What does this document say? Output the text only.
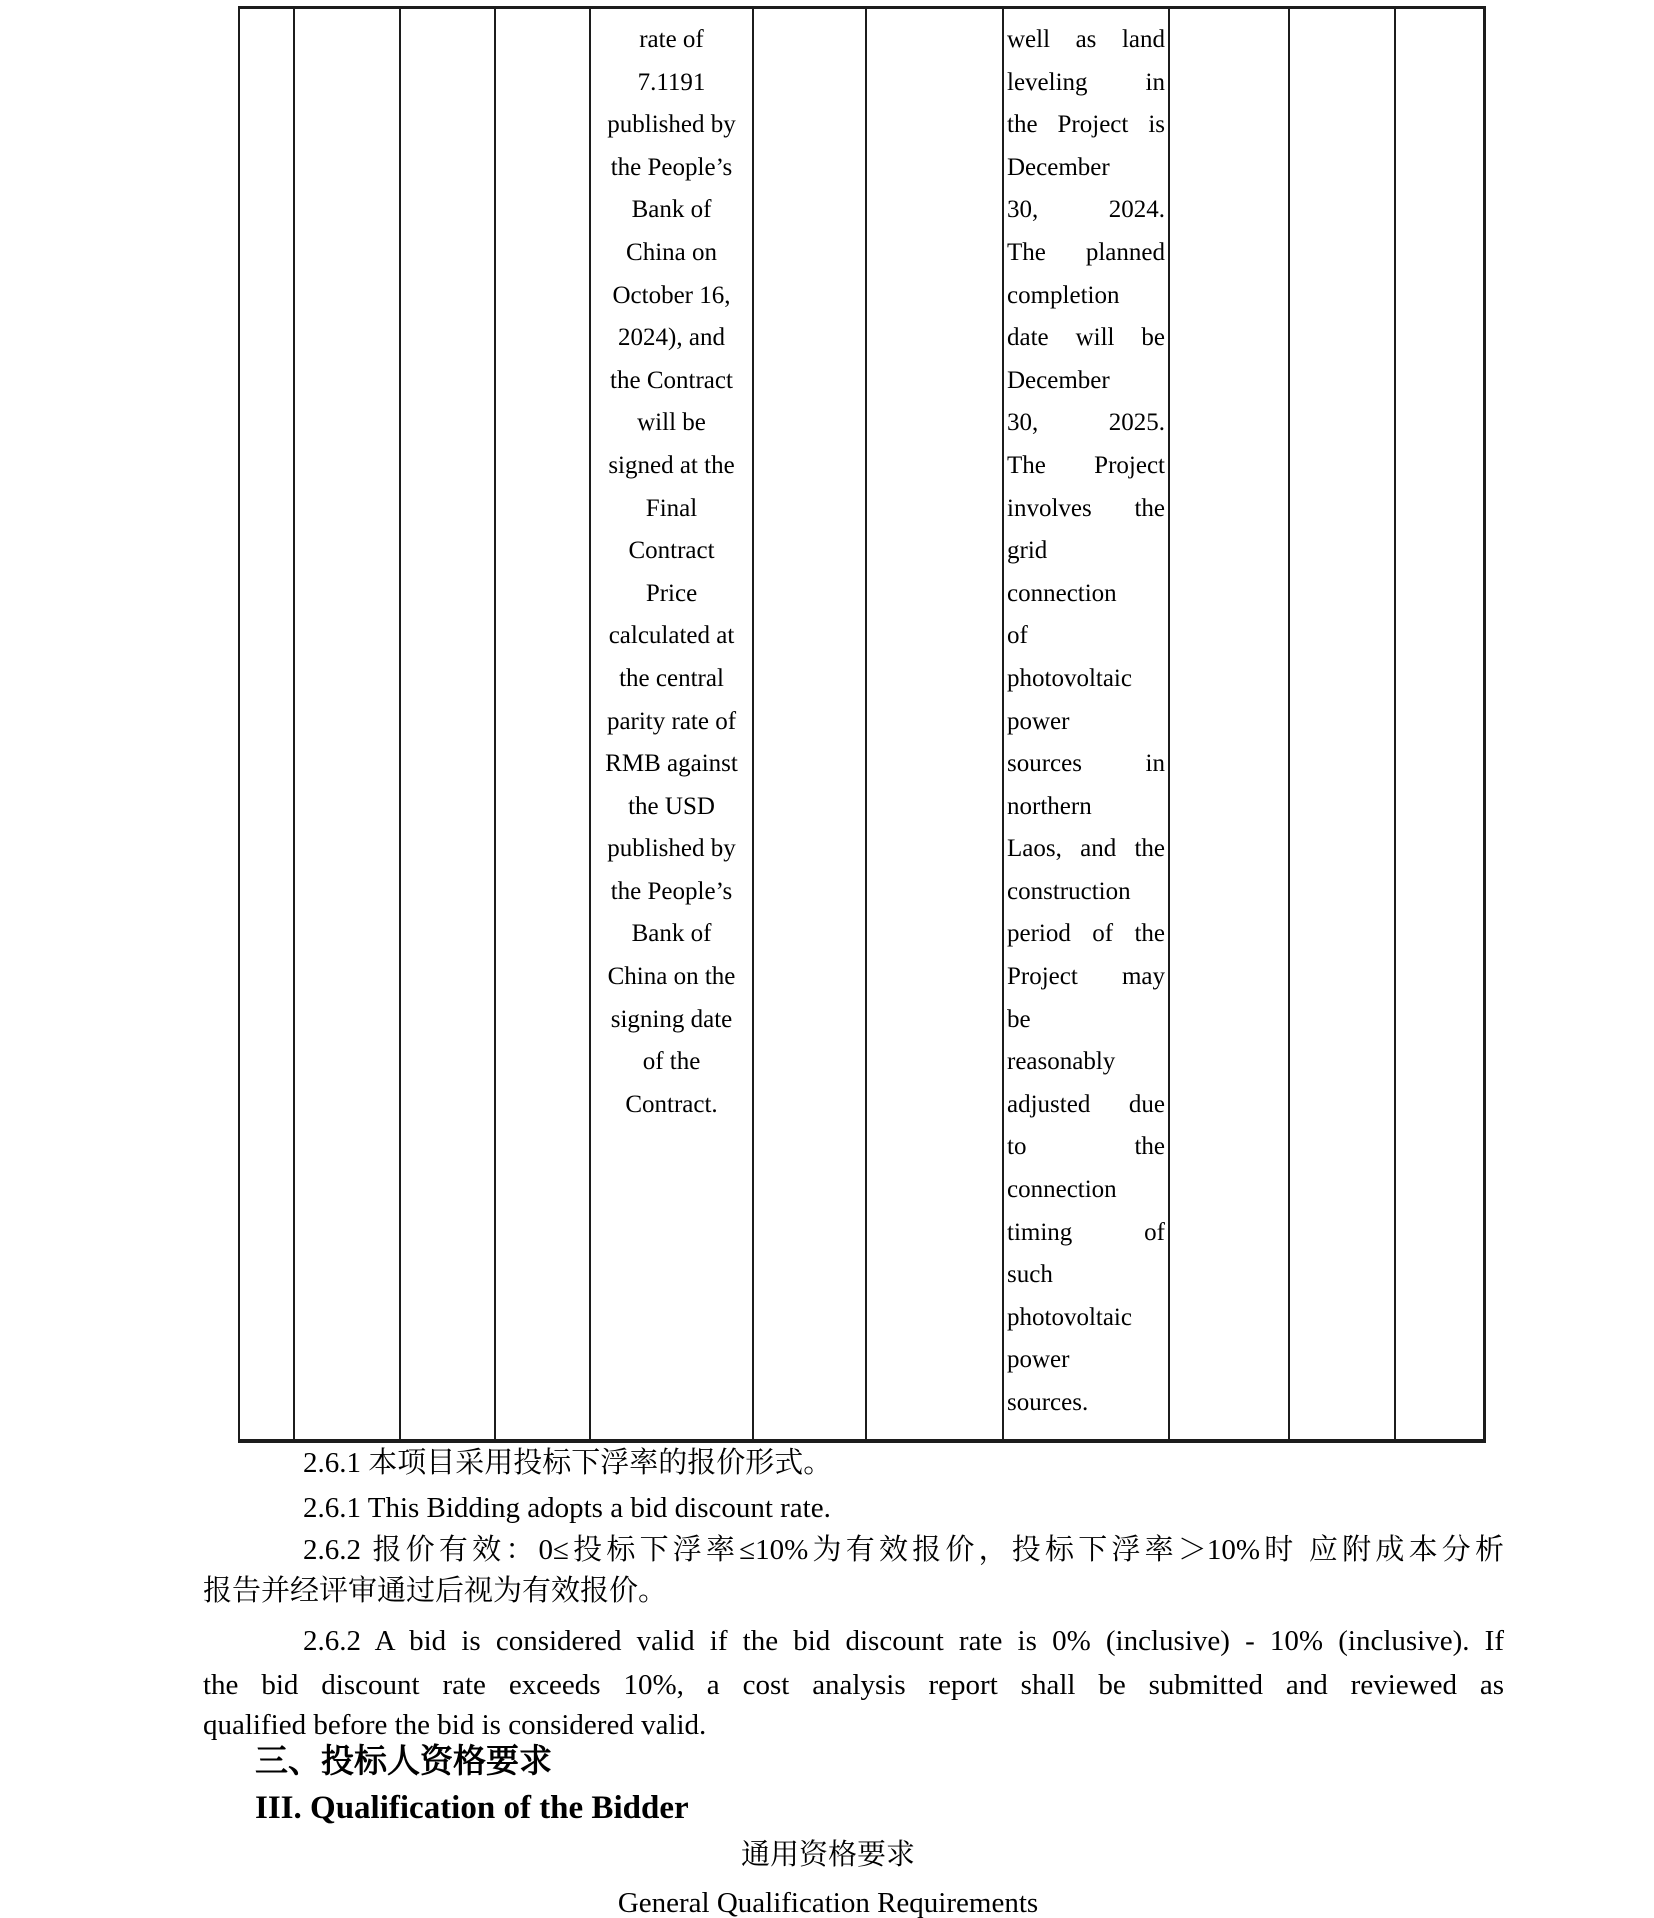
rate of
7.1191
published by
the People’s
Bank of
China on
October 16,
2024), and
the Contract
will be
signed at the
Final
Contract
Price
calculated at
the central
parity rate of
RMB against
the USD
published by
the People’s
Bank of
China on the
signing date
of the
Contract.
well as land
leveling in
the Project is
December
30, 2024.
The planned
completion
date will be
December
30, 2025.
The Project
involves the
grid
connection
of
photovoltaic
power
sources in
northern
Laos, and the
construction
period of the
Project may
be
reasonably
adjusted due
to the
connection
timing of
such
photovoltaic
power
sources.
2.6.1 本项目采用投标下浮率的报价形式。
2.6.1 This Bidding adopts a bid discount rate.
2.6.2 报价有效：0≤投标下浮率≤10%为有效报价，投标下浮率＞10%时 应附成本分析
报告并经评审通过后视为有效报价。
2.6.2 A bid is considered valid if the bid discount rate is 0% (inclusive) - 10% (inclusive). If
the bid discount rate exceeds 10%, a cost analysis report shall be submitted and reviewed as
qualified before the bid is considered valid.
三、投标人资格要求
III. Qualification of the Bidder
通用资格要求
General Qualification Requirements
